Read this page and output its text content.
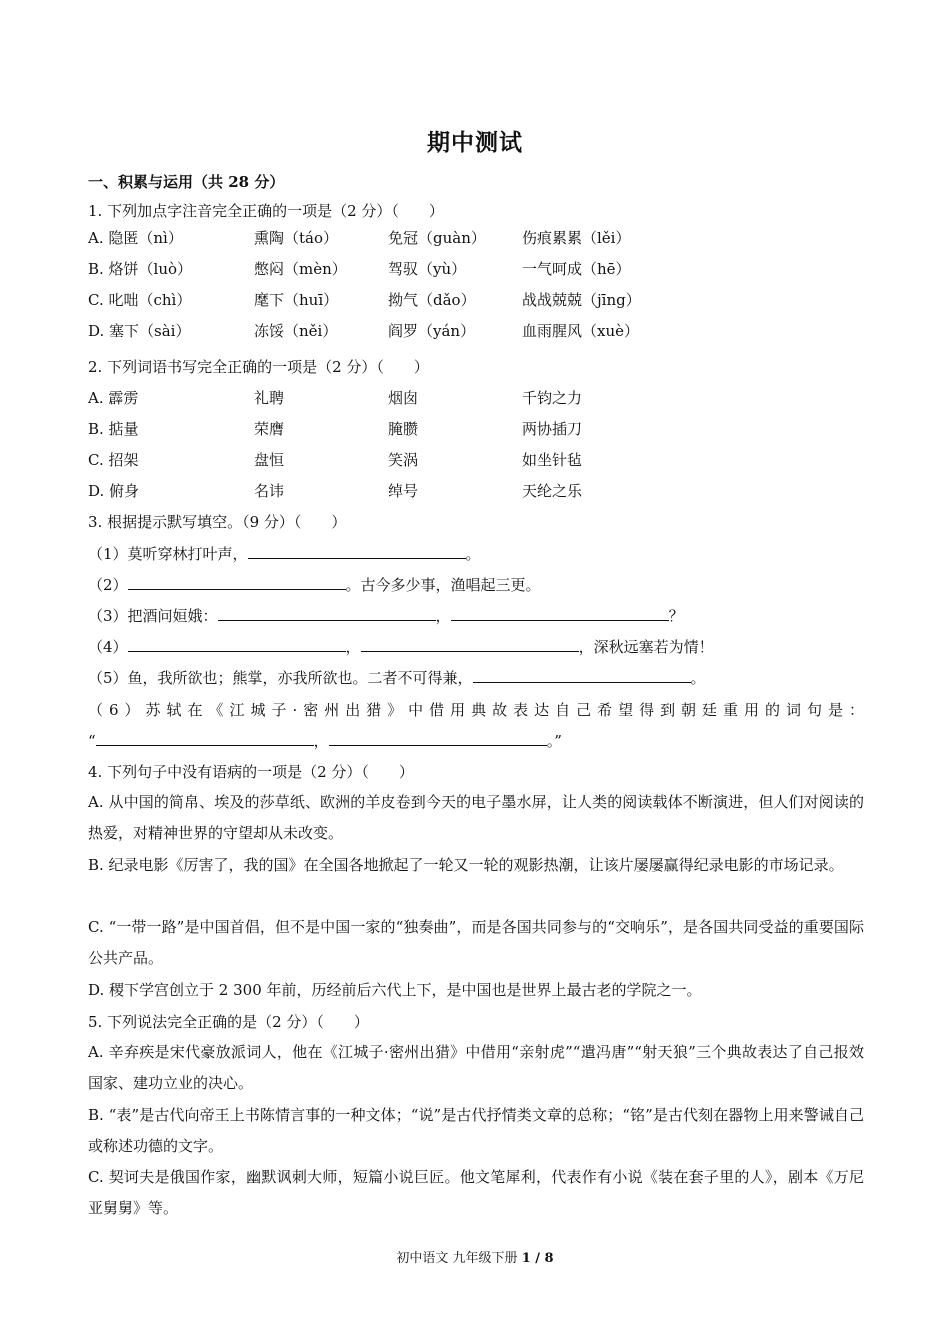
期中测试
一、积累与运用（共 28 分）
1. 下列加点字注音完全正确的一项是（2 分）（　　）
A. 隐匿（nì）	熏陶（táo）	免冠（guàn） 伤痕累累（lěi）
B. 烙饼（luò）	憋闷（mèn）	驾驭（yù）	一气呵成（hē）
C. 叱咄（chì）	麾下（huī）	拗气（dǎo）	战战兢兢（jīng）
D. 塞下（sài）	冻馁（něi）	阎罗（yán）	血雨腥风（xuè）
2. 下列词语书写完全正确的一项是（2 分）（　　）
A. 霹雳	礼聘	烟囱	千钧之力
B. 掂量	荣膺	腌臜	两协插刀
C. 招架	盘恒	笑涡	如坐针毡
D. 俯身	名讳	绰号	天纶之乐
3. 根据提示默写填空。（9 分）（　　）
（1）莫听穿林打叶声，	。
（2）	。古今多少事，渔唱起三更。
（3）把酒问姮娥：	，	？
（4）	，	，深秋远塞若为情！
（5）鱼，我所欲也；熊掌，亦我所欲也。二者不可得兼，	。
（6）苏轼在《江城子·密州出猎》中借用典故表达自己希望得到朝廷重用的词句是：
“	，	。”
4. 下列句子中没有语病的一项是（2 分）（　　）
A. 从中国的简帛、埃及的莎草纸、欧洲的羊皮卷到今天的电子墨水屏，让人类的阅读载体不断演进，但人们对阅读的热爱，对精神世界的守望却从未改变。
B. 纪录电影《厉害了，我的国》在全国各地掀起了一轮又一轮的观影热潮，让该片屡屡赢得纪录电影的市场记录。
C. “一带一路”是中国首倡，但不是中国一家的“独奏曲”，而是各国共同参与的“交响乐”，是各国共同受益的重要国际公共产品。
D. 稷下学宫创立于 2 300 年前，历经前后六代上下，是中国也是世界上最古老的学院之一。
5. 下列说法完全正确的是（2 分）（　　）
A. 辛弃疾是宋代豪放派词人，他在《江城子·密州出猎》中借用“亲射虎”“遣冯唐”“射天狼”三个典故表达了自己报效国家、建功立业的决心。
B. “表”是古代向帝王上书陈情言事的一种文体；“说”是古代抒情类文章的总称；“铭”是古代刻在器物上用来警诫自己或称述功德的文字。
C. 契诃夫是俄国作家，幽默讽刺大师，短篇小说巨匠。他文笔犀利，代表作有小说《装在套子里的人》，剧本《万尼亚舅舅》等。
初中语文 九年级下册 1 / 8
